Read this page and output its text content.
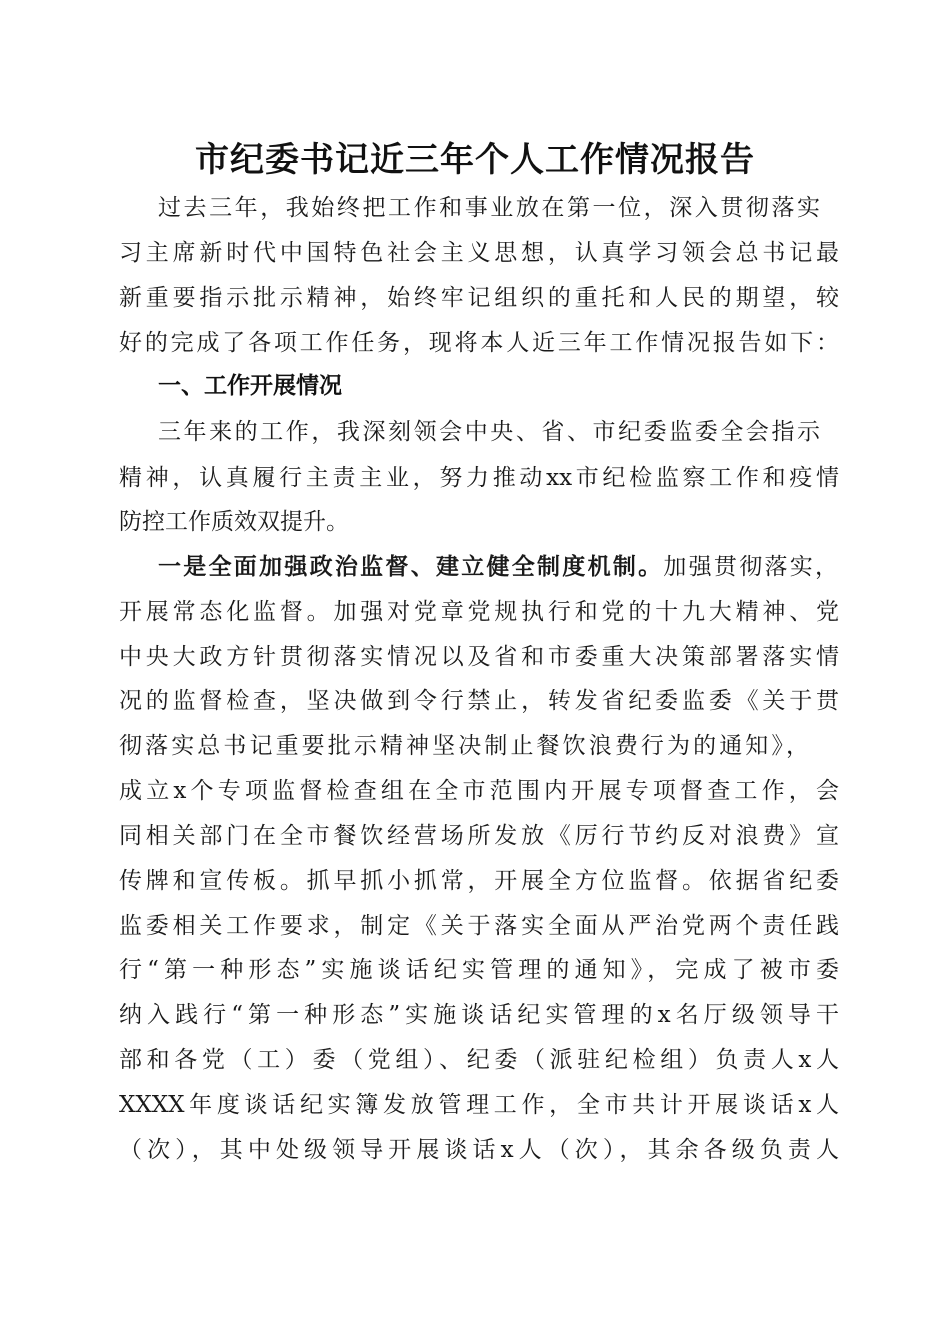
市纪委书记近三年个人工作情况报告
过去三年，我始终把工作和事业放在第一位，深入贯彻落实
习主席新时代中国特色社会主义思想，认真学习领会总书记最
新重要指示批示精神，始终牢记组织的重托和人民的期望，较
好的完成了各项工作任务，现将本人近三年工作情况报告如下：
一、工作开展情况
三年来的工作，我深刻领会中央、省、市纪委监委全会指示
精神，认真履行主责主业，努力推动xx市纪检监察工作和疫情
防控工作质效双提升。
一是全面加强政治监督、建立健全制度机制。加强贯彻落实，
开展常态化监督。加强对党章党规执行和党的十九大精神、党
中央大政方针贯彻落实情况以及省和市委重大决策部署落实情
况的监督检查，坚决做到令行禁止，转发省纪委监委《关于贯
彻落实总书记重要批示精神坚决制止餐饮浪费行为的通知》，
成立x个专项监督检查组在全市范围内开展专项督查工作，会
同相关部门在全市餐饮经营场所发放《厉行节约反对浪费》宣
传牌和宣传板。抓早抓小抓常，开展全方位监督。依据省纪委
监委相关工作要求，制定《关于落实全面从严治党两个责任践
行“第一种形态”实施谈话纪实管理的通知》，完成了被市委
纳入践行“第一种形态”实施谈话纪实管理的x名厅级领导干
部和各党（工）委（党组）、纪委（派驻纪检组）负责人x人
XXXX年度谈话纪实簿发放管理工作，全市共计开展谈话x人
（次），其中处级领导开展谈话x人（次），其余各级负责人
